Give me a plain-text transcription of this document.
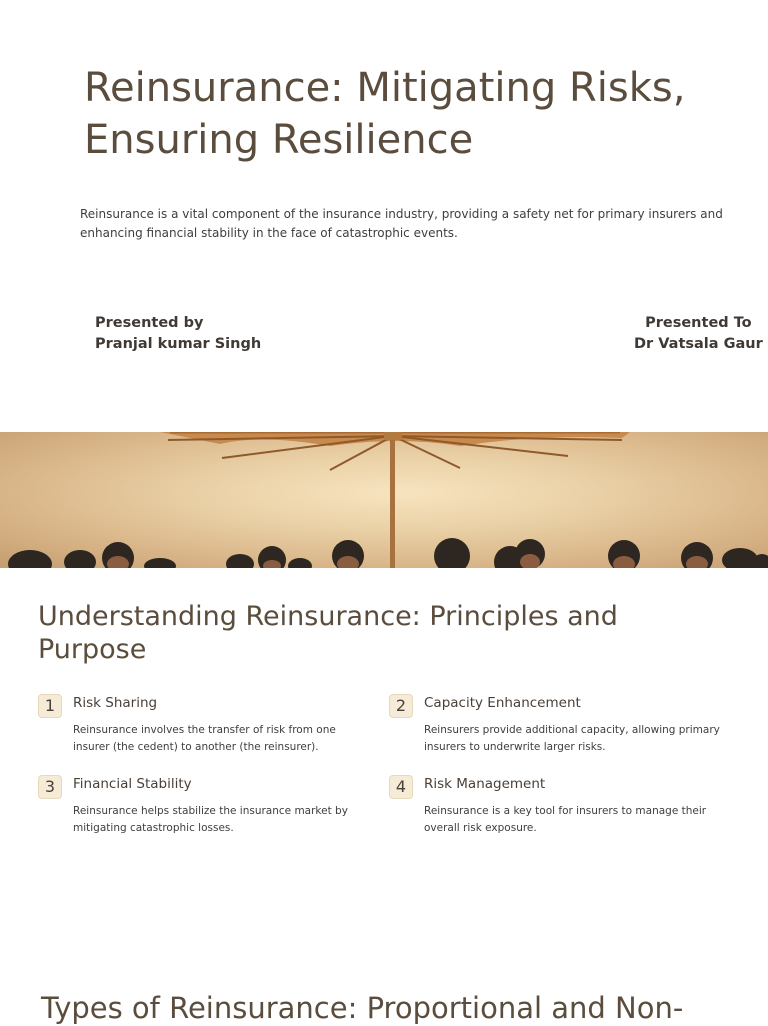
Reinsurance: Mitigating Risks, Ensuring Resilience

Reinsurance is a vital component of the insurance industry, providing a safety net for primary insurers and enhancing financial stability in the face of catastrophic events.

Presented by
Pranjal kumar Singh
Presented To
Dr Vatsala Gaur
Understanding Reinsurance: Principles and Purpose
1	Risk Sharing
Reinsurance involves the transfer of risk from one insurer (the cedent) to another (the reinsurer).
2	Capacity Enhancement
Reinsurers provide additional capacity, allowing primary insurers to underwrite larger risks.
3	Financial Stability
Reinsurance helps stabilize the insurance market by mitigating catastrophic losses.
4	Risk Management
Reinsurance is a key tool for insurers to manage their overall risk exposure.
Types of Reinsurance: Proportional and Non-
